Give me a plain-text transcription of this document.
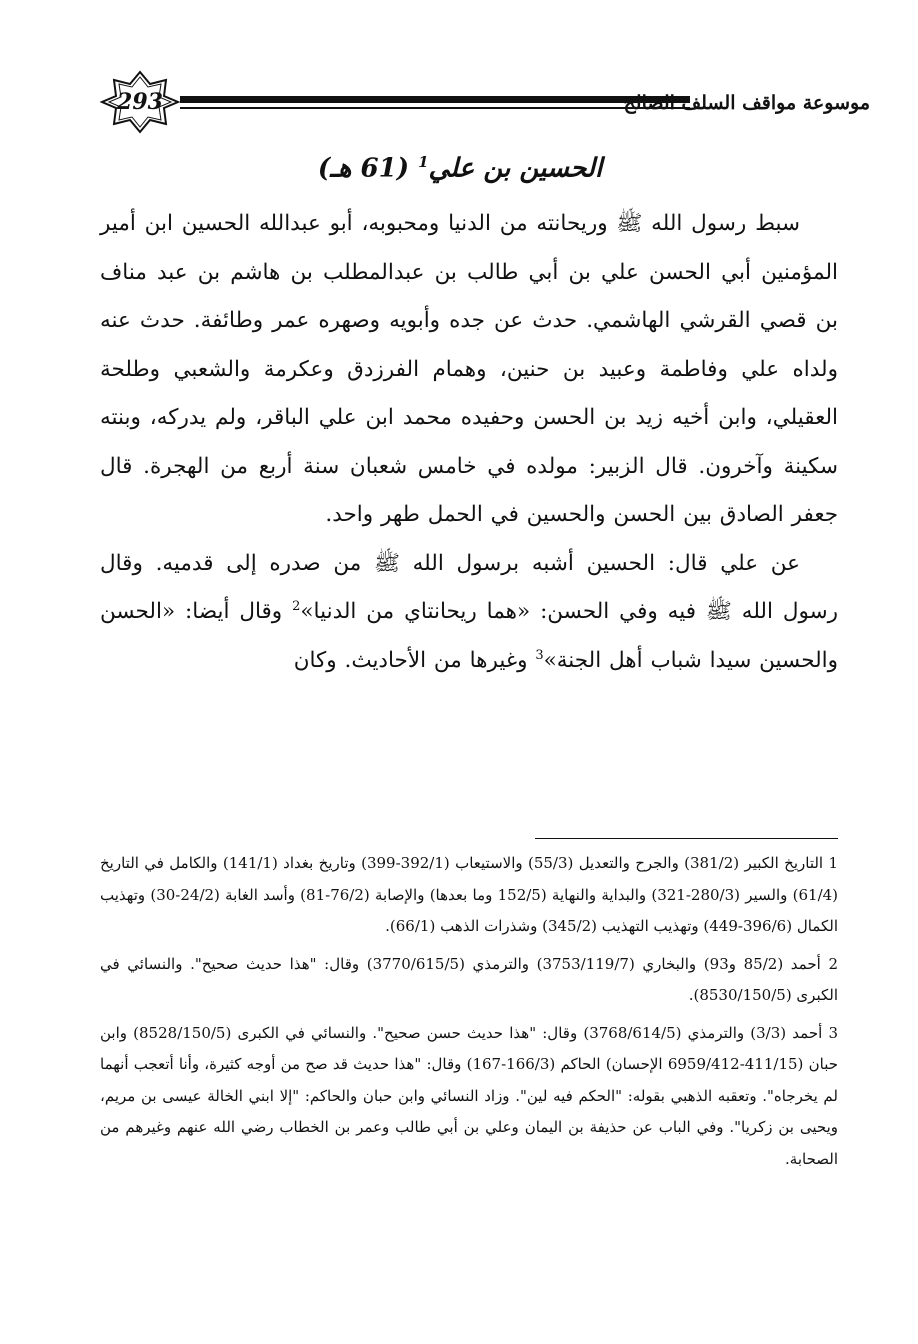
293	موسوعة مواقف السلف الصالح
الحسين بن علي$^1$ (61 هـ)

سبط رسول الله ﷺ وريحانته من الدنيا ومحبوبه، أبو عبدالله الحسين ابن أمير المؤمنين أبي الحسن علي بن أبي طالب بن عبدالمطلب بن هاشم بن عبد مناف بن قصي القرشي الهاشمي. حدث عن جده وأبويه وصهره عمر وطائفة. حدث عنه ولداه علي وفاطمة وعبيد بن حنين، وهمام الفرزدق وعكرمة والشعبي وطلحة العقيلي، وابن أخيه زيد بن الحسن وحفيده محمد ابن علي الباقر، ولم يدركه، وبنته سكينة وآخرون. قال الزبير: مولده في خامس شعبان سنة أربع من الهجرة. قال جعفر الصادق بين الحسن والحسين في الحمل طهر واحد.

عن علي قال: الحسين أشبه برسول الله ﷺ من صدره إلى قدميه. وقال رسول الله ﷺ فيه وفي الحسن: «هما ريحانتاي من الدنيا»$^2$ وقال أيضا: «الحسن والحسين سيدا شباب أهل الجنة»$^3$ وغيرها من الأحاديث. وكان

1 التاريخ الكبير (381/2) والجرح والتعديل (55/3) والاستيعاب (392/1-399) وتاريخ بغداد (141/1) والكامل في التاريخ (61/4) والسير (280/3-321) والبداية والنهاية (152/5 وما بعدها) والإصابة (76/2-81) وأسد الغابة (24/2-30) وتهذيب الكمال (396/6-449) وتهذيب التهذيب (345/2) وشذرات الذهب (66/1).

2 أحمد (85/2 و93) والبخاري (3753/119/7) والترمذي (3770/615/5) وقال: "هذا حديث صحيح". والنسائي في الكبرى (8530/150/5).

3 أحمد (3/3) والترمذي (3768/614/5) وقال: "هذا حديث حسن صحيح". والنسائي في الكبرى (8528/150/5) وابن حبان (411/15-6959/412 الإحسان) الحاكم (166/3-167) وقال: "هذا حديث قد صح من أوجه كثيرة، وأنا أتعجب أنهما لم يخرجاه". وتعقبه الذهبي بقوله: "الحكم فيه لين". وزاد النسائي وابن حبان والحاكم: "إلا ابني الخالة عيسى بن مريم، ويحيى بن زكريا". وفي الباب عن حذيفة بن اليمان وعلي بن أبي طالب وعمر بن الخطاب رضي الله عنهم وغيرهم من الصحابة.
